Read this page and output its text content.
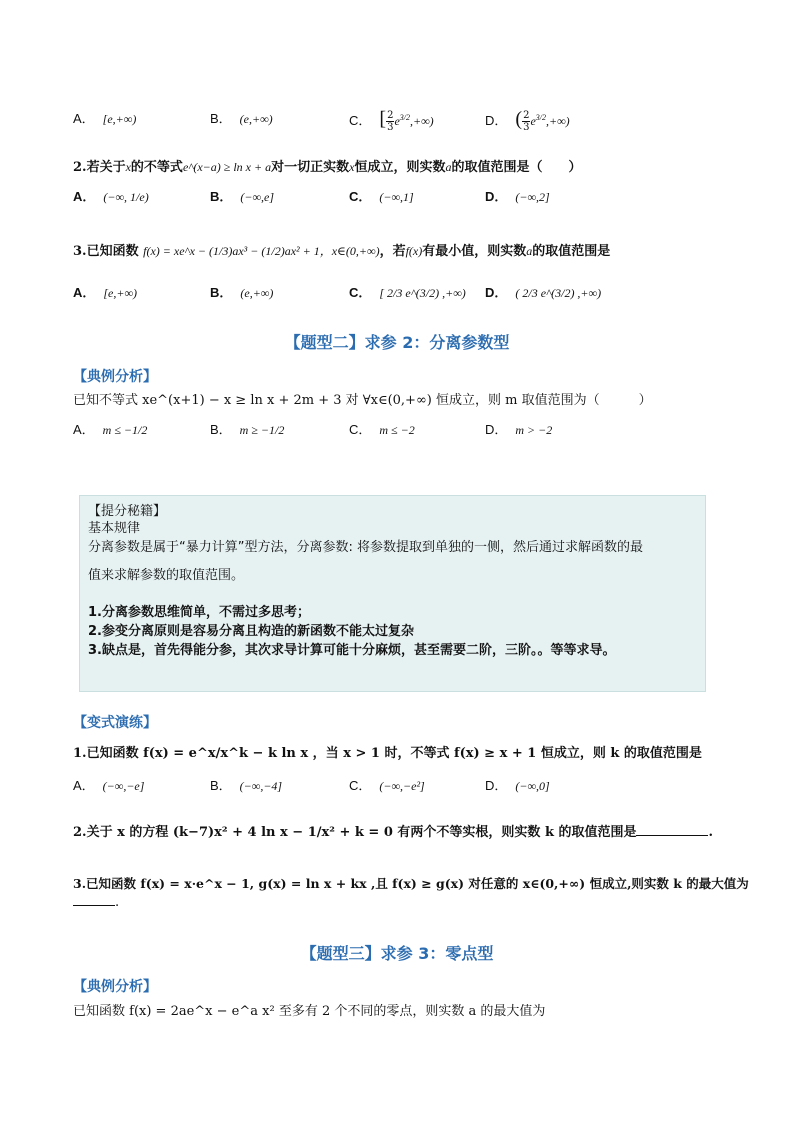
A． [e,+∞)	B． (e,+∞)	C． [ $\frac{2}{3} e^{3/2},+\infty$)	D． ( $\frac{2}{3} e^{3/2},+\infty$)
2.若关于x的不等式e^(x−a) ≥ ln x + a对一切正实数x恒成立，则实数a的取值范围是（　　）
A． (−∞, 1/e)	B． (−∞,e]	C． (−∞,1]	D． (−∞,2]
3.已知函数 f(x) = xe^x − (1/3)ax³ − (1/2)ax² + 1，x∈(0,+∞)，若f(x)有最小值，则实数a的取值范围是
A． [e,+∞)	B． (e,+∞)	C． [ 2/3 e^(3/2) ,+∞) D． ( 2/3 e^(3/2) ,+∞)
【题型二】求参 2：分离参数型
【典例分析】
已知不等式 xe^(x+1) − x ≥ ln x + 2m + 3 对 ∀x∈(0,+∞) 恒成立，则 m 取值范围为（　　　）
A． m ≤ −1/2	B． m ≥ −1/2	C． m ≤ −2	D． m > −2
【提分秘籍】
基本规律
分离参数是属于“暴力计算”型方法，分离参数: 将参数提取到单独的一侧，然后通过求解函数的最
值来求解参数的取值范围。
1.分离参数思维简单，不需过多思考；
2.参变分离原则是容易分离且构造的新函数不能太过复杂
3.缺点是，首先得能分参，其次求导计算可能十分麻烦，甚至需要二阶，三阶。。等等求导。
【变式演练】
1.已知函数 f(x) = e^x/x^k − k ln x ，当 x > 1 时，不等式 f(x) ≥ x + 1 恒成立，则 k 的取值范围是
A． (−∞,−e]	B． (−∞,−4]	C． (−∞,−e²]	D． (−∞,0]
2.关于 x 的方程 (k−7)x² + 4 ln x − 1/x² + k = 0 有两个不等实根，则实数 k 的取值范围是	.
3.已知函数 f(x) = x·e^x − 1, g(x) = ln x + kx ,且 f(x) ≥ g(x) 对任意的 x∈(0,+∞) 恒成立,则实数 k 的最大值为
.
【题型三】求参 3：零点型
【典例分析】
已知函数 f(x) = 2ae^x − e^a x² 至多有 2 个不同的零点，则实数 a 的最大值为
